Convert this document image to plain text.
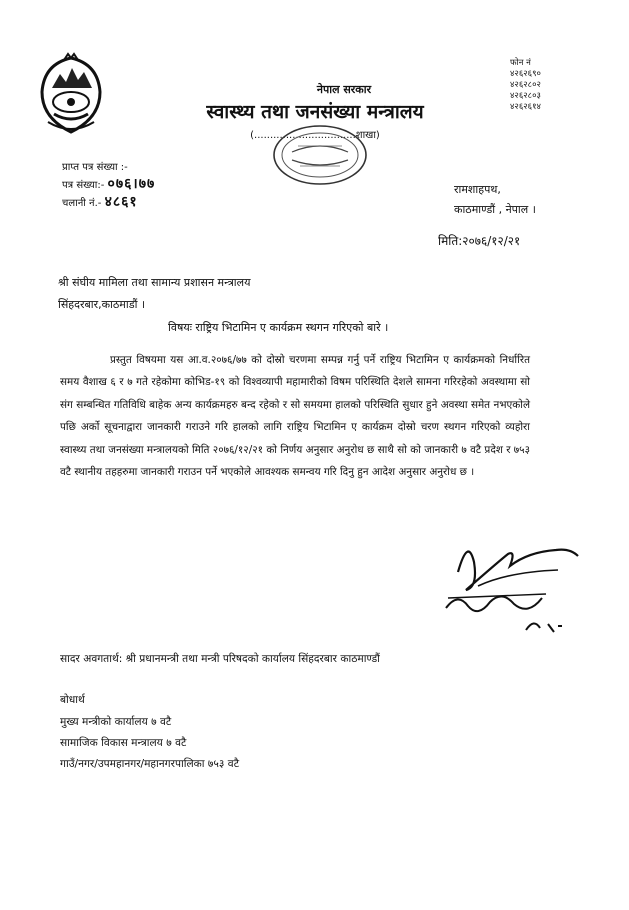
फोन नं
४२६२६९०
४२६२८०२
४२६२८०३
४२६२६१४
नेपाल सरकार
स्वास्थ्य तथा जनसंख्या मन्त्रालय
(................................शाखा)
प्राप्त पत्र संख्या :-
पत्र संख्या:- ०७६।७७
चलानी नं.- ४८६१
रामशाहपथ,
काठमाण्डौं , नेपाल ।
मिति:२०७६/१२/२१
श्री संघीय मामिला तथा सामान्य प्रशासन मन्त्रालय
सिंहदरबार,काठमाडौं ।
विषयः राष्ट्रिय भिटामिन ए कार्यक्रम स्थगन गरिएको बारे ।
प्रस्तुत विषयमा यस आ.व.२०७६/७७ को दोस्रो चरणमा सम्पन्न गर्नु पर्ने राष्ट्रिय भिटामिन ए कार्यक्रमको निर्धारित समय वैशाख ६ र ७ गते रहेकोमा कोभिड-१९ को विश्वव्यापी महामारीको विषम परिस्थिति देशले सामना गरिरहेको अवस्थामा सो संग सम्बन्धित गतिविधि बाहेक अन्य कार्यक्रमहरु बन्द रहेको र सो समयमा हालको परिस्थिति सुधार हुने अवस्था समेत नभएकोले पछि अर्को सूचनाद्वारा जानकारी गराउने गरि हालको लागि राष्ट्रिय भिटामिन ए कार्यक्रम दोस्रो चरण स्थगन गरिएको व्यहोरा स्वास्थ्य तथा जनसंख्या मन्त्रालयको मिति २०७६/१२/२१ को निर्णय अनुसार अनुरोध छ साथै सो को जानकारी ७ वटै प्रदेश र ७५३ वटै स्थानीय तहहरुमा जानकारी गराउन पर्ने भएकोले आवश्यक समन्वय गरि दिनु हुन आदेश अनुसार अनुरोध छ ।
सादर अवगतार्थ: श्री प्रधानमन्त्री तथा मन्त्री परिषदको कार्यालय सिंहदरबार काठमाण्डौं
बोधार्थ
मुख्य मन्त्रीको कार्यालय ७ वटै
सामाजिक विकास मन्त्रालय ७ वटै
गाउँ/नगर/उपमहानगर/महानगरपालिका ७५३ वटै
